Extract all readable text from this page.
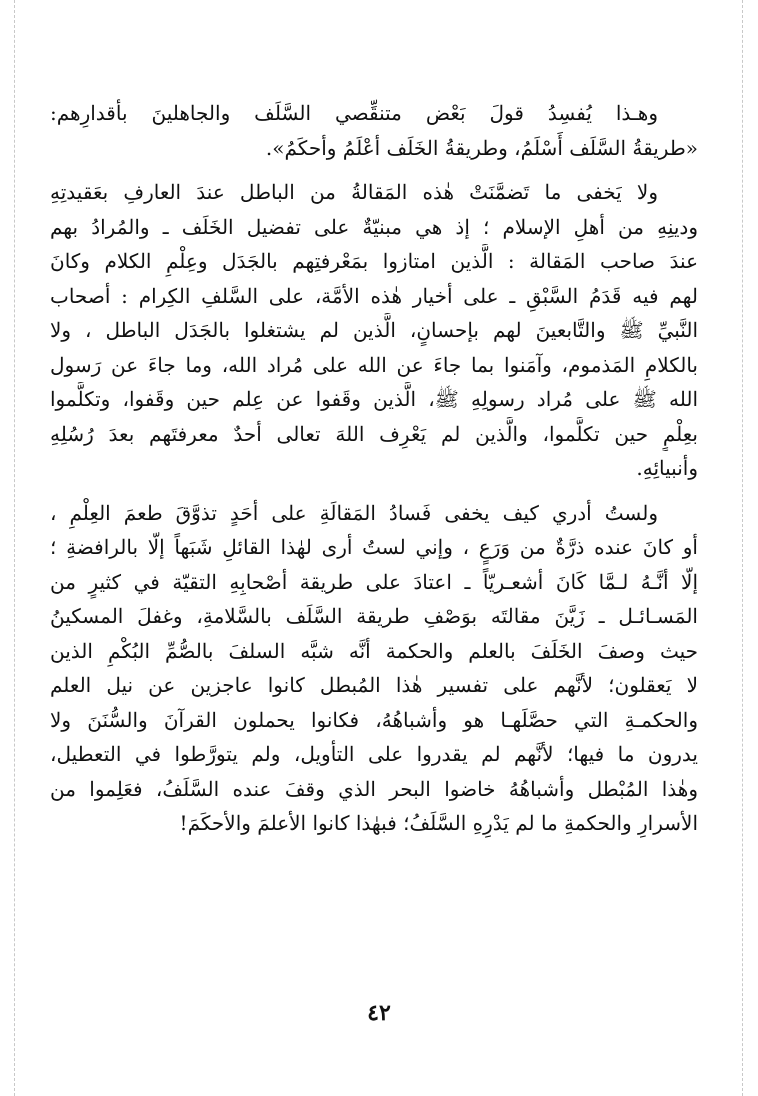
وهـذا يُفسِدُ قولَ بَعْض متنقِّصي السَّلَف والجاهلينَ بأقدارِهم:
«طريقةُ السَّلَف أَسْلَمُ، وطريقةُ الخَلَف أعْلَمُ وأحكَمُ».
ولا يَخفى ما تَضمَّنَتْ هٰذه المَقالةُ من الباطل عندَ العارفِ بعَقيدتِهِ
ودينِهِ من أهلِ الإسلام ؛ إذ هي مبنيّةٌ على تفضيل الخَلَف ـ والمُرادُ بهم
عندَ صاحب المَقالة : الَّذين امتازوا بمَعْرفتِهم بالجَدَل وعِلْمِ الكلام وكانَ
لهم فيه قَدَمُ السَّبْقِ ـ على أخيار هٰذه الأمَّة، على السَّلفِ الكِرام : أصحاب
النَّبيِّ ﷺ والتَّابعينَ لهم بإحسانٍ، الَّذين لم يشتغلوا بالجَدَل الباطل ، ولا
بالكلامِ المَذموم، وآمَنوا بما جاءَ عن الله على مُراد الله، وما جاءَ عن رَسول
الله ﷺ على مُراد رسولِهِ ﷺ، الَّذين وقَفوا عن عِلم حين وقَفوا، وتكلَّموا
بعِلْمٍ حين تكلَّموا، والَّذين لم يَعْرِف اللهَ تعالى أحدٌ معرفتَهم بعدَ رُسُلِهِ
وأنبيائِهِ.
ولستُ أدري كيف يخفى فَسادُ المَقالَةِ على أحَدٍ تذوَّقَ طعمَ العِلْمِ ،
أو كانَ عنده ذرَّةٌ من وَرَعٍ ، وإني لستُ أرى لهٰذا القائلِ شَبَهاً إلّا بالرافضةِ ؛
إلّا أنَّـهُ لـمَّا كَانَ أشعـريّاً ـ اعتادَ على طريقة أصْحابِهِ التقيّة في كثيرٍ من
المَسـائـل ـ زَيَّنَ مقالتَه بوَصْفِ طريقة السَّلَف بالسَّلامةِ، وغفلَ المسكينُ
حيث وصفَ الخَلَفَ بالعلم والحكمة أنَّه شبَّه السلفَ بالصُّمِّ البُكْمِ الذين
لا يَعقلون؛ لأنَّهم على تفسير هٰذا المُبطل كانوا عاجزين عن نيل العلم
والحكمـةِ التي حصَّلَهـا هو وأشباهُهُ، فكانوا يحملون القرآنَ والسُّنَنَ ولا
يدرون ما فيها؛ لأنَّهم لم يقدروا على التأويل، ولم يتورَّطوا في التعطيل،
وهٰذا المُبْطل وأشباهُهُ خاضوا البحر الذي وقفَ عنده السَّلَفُ، فعَلِموا من
الأسرارِ والحكمةِ ما لم يَدْرِهِ السَّلَفُ؛ فبهٰذا كانوا الأعلمَ والأحكَمَ!
٤٢
